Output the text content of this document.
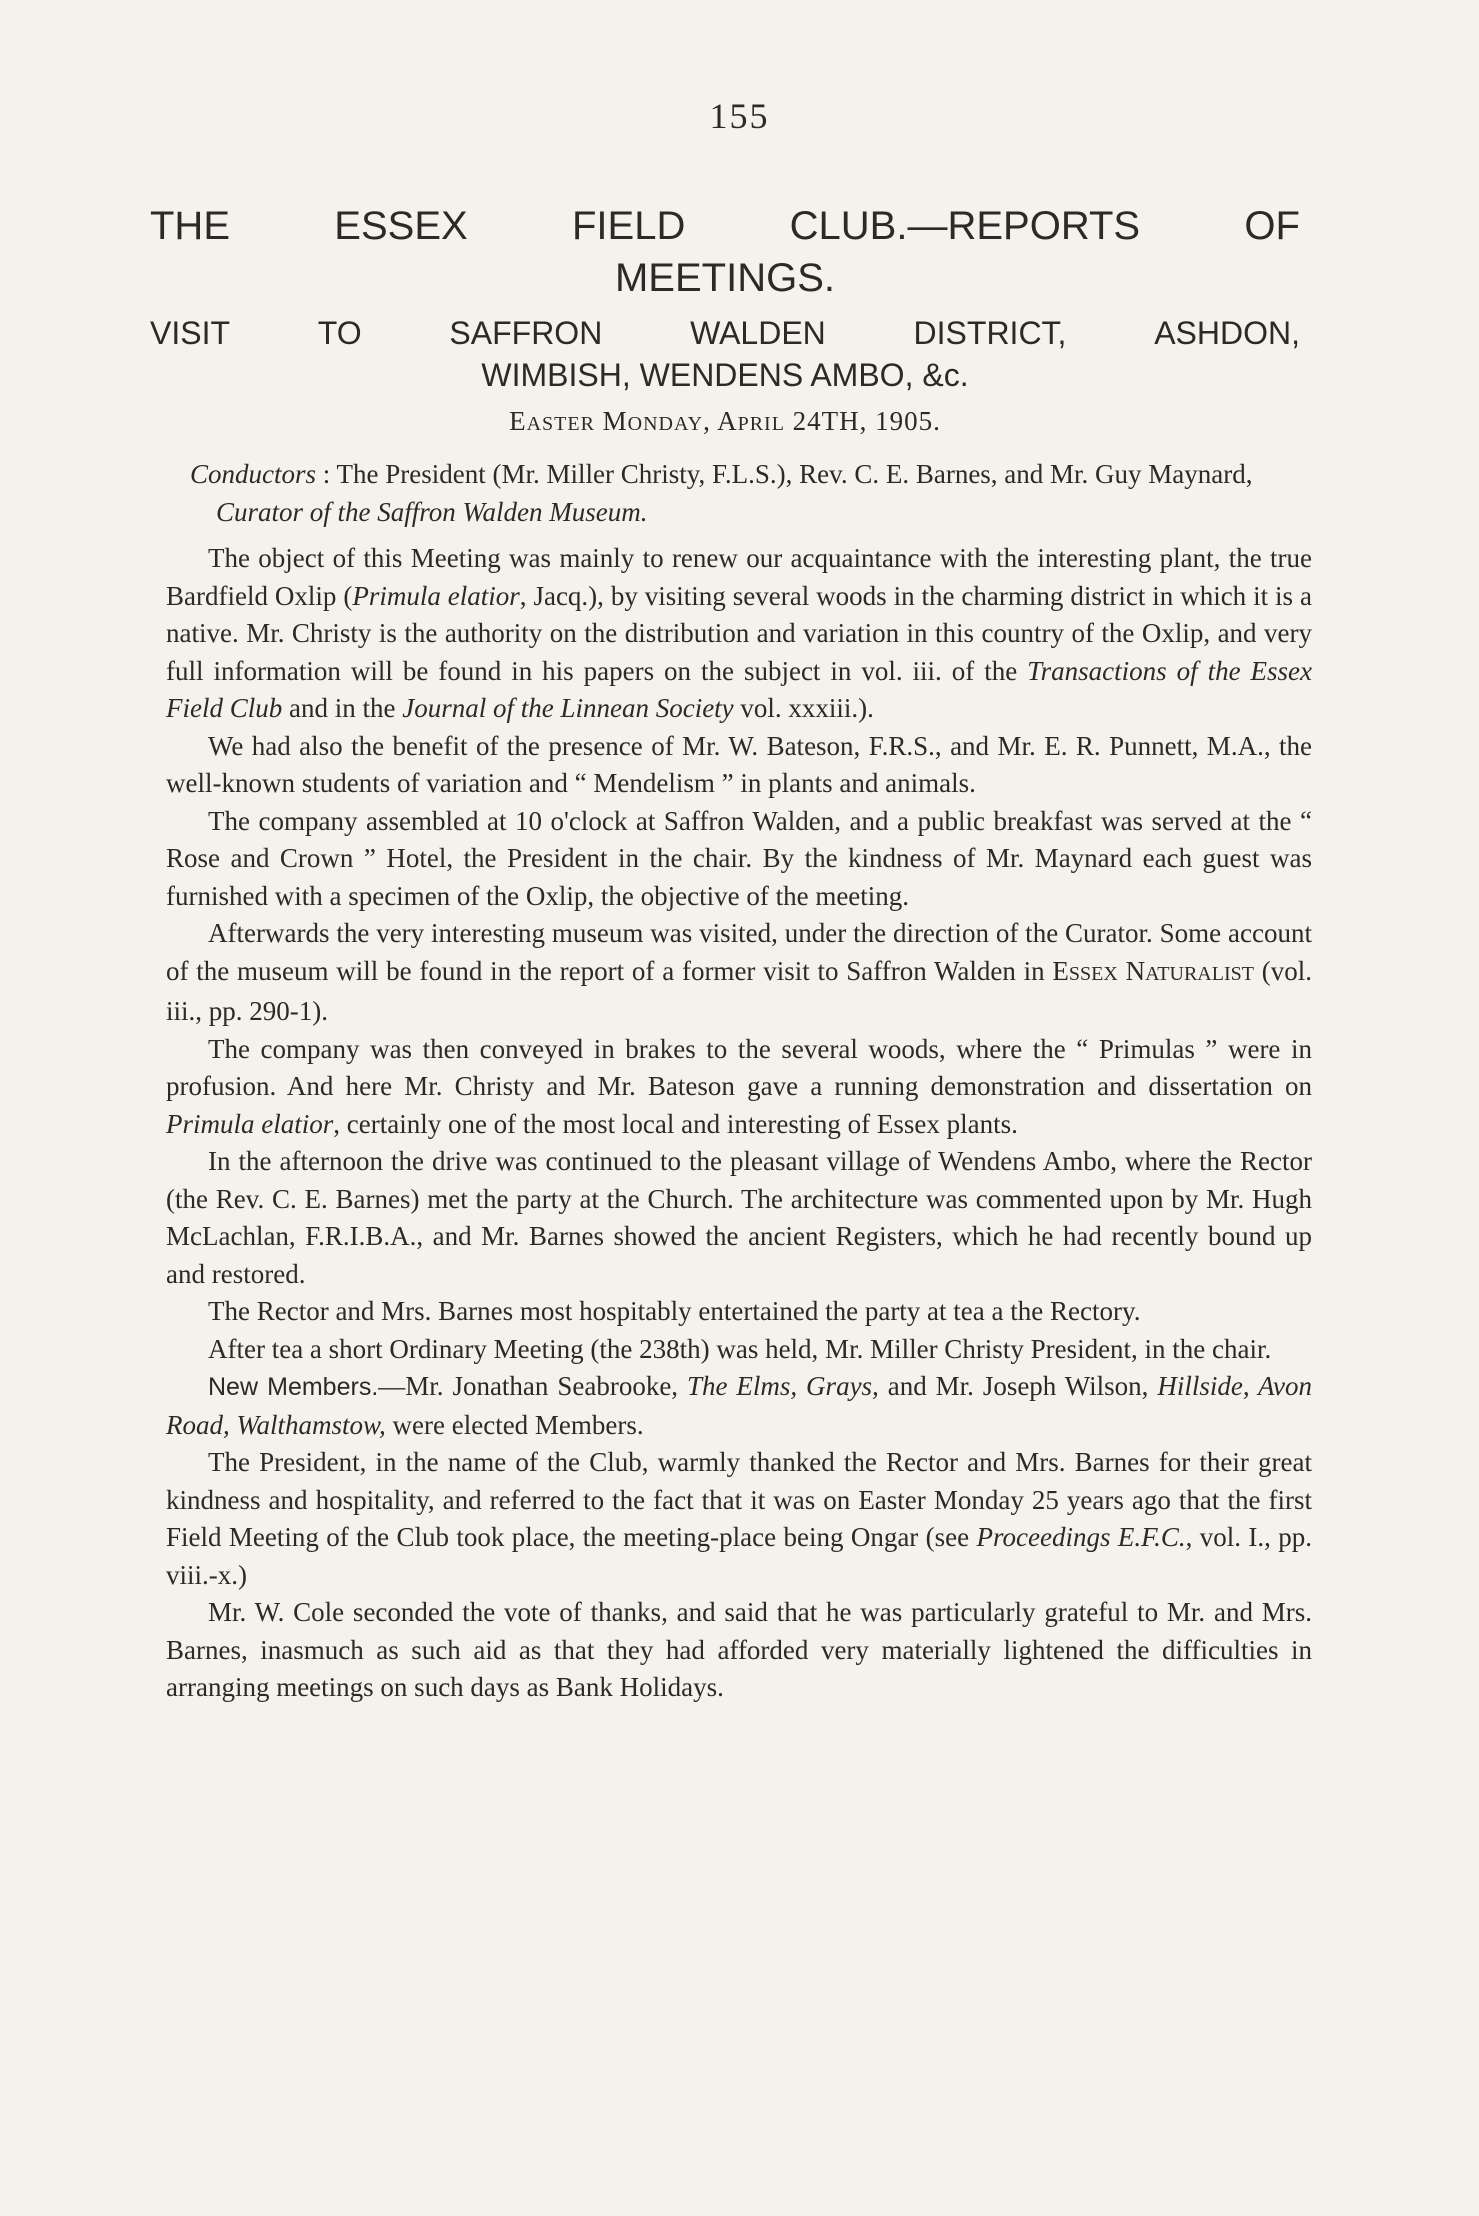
155
THE	ESSEX	FIELD	CLUB.—REPORTS	OF
MEETINGS.
VISIT	TO	SAFFRON	WALDEN	DISTRICT,	ASHDON,
WIMBISH, WENDENS AMBO, &c.
EASTER MONDAY, APRIL 24TH, 1905.
Conductors : The President (Mr. Miller Christy, F.L.S.), Rev. C. E. Barnes, and Mr. Guy Maynard, Curator of the Saffron Walden Museum.

The object of this Meeting was mainly to renew our acquaintance with the interesting plant, the true Bardfield Oxlip (Primula elatior, Jacq.), by visiting several woods in the charming district in which it is a native. Mr. Christy is the authority on the distribution and variation in this country of the Oxlip, and very full information will be found in his papers on the subject in vol. iii. of the Transactions of the Essex Field Club and in the Journal of the Linnean Society vol. xxxiii.).

We had also the benefit of the presence of Mr. W. Bateson, F.R.S., and Mr. E. R. Punnett, M.A., the well-known students of variation and “ Mendelism ” in plants and animals.

The company assembled at 10 o'clock at Saffron Walden, and a public breakfast was served at the “ Rose and Crown ” Hotel, the President in the chair. By the kindness of Mr. Maynard each guest was furnished with a specimen of the Oxlip, the objective of the meeting.

Afterwards the very interesting museum was visited, under the direction of the Curator. Some account of the museum will be found in the report of a former visit to Saffron Walden in ESSEX NATURALIST (vol. iii., pp. 290-1).

The company was then conveyed in brakes to the several woods, where the “ Primulas ” were in profusion. And here Mr. Christy and Mr. Bateson gave a running demonstration and dissertation on Primula elatior, certainly one of the most local and interesting of Essex plants.

In the afternoon the drive was continued to the pleasant village of Wendens Ambo, where the Rector (the Rev. C. E. Barnes) met the party at the Church. The architecture was commented upon by Mr. Hugh McLachlan, F.R.I.B.A., and Mr. Barnes showed the ancient Registers, which he had recently bound up and restored.

The Rector and Mrs. Barnes most hospitably entertained the party at tea a the Rectory.

After tea a short Ordinary Meeting (the 238th) was held, Mr. Miller Christy President, in the chair.

New Members.—Mr. Jonathan Seabrooke, The Elms, Grays, and Mr. Joseph Wilson, Hillside, Avon Road, Walthamstow, were elected Members.

The President, in the name of the Club, warmly thanked the Rector and Mrs. Barnes for their great kindness and hospitality, and referred to the fact that it was on Easter Monday 25 years ago that the first Field Meeting of the Club took place, the meeting-place being Ongar (see Proceedings E.F.C., vol. I., pp. viii.-x.)

Mr. W. Cole seconded the vote of thanks, and said that he was particularly grateful to Mr. and Mrs. Barnes, inasmuch as such aid as that they had afforded very materially lightened the difficulties in arranging meetings on such days as Bank Holidays.
